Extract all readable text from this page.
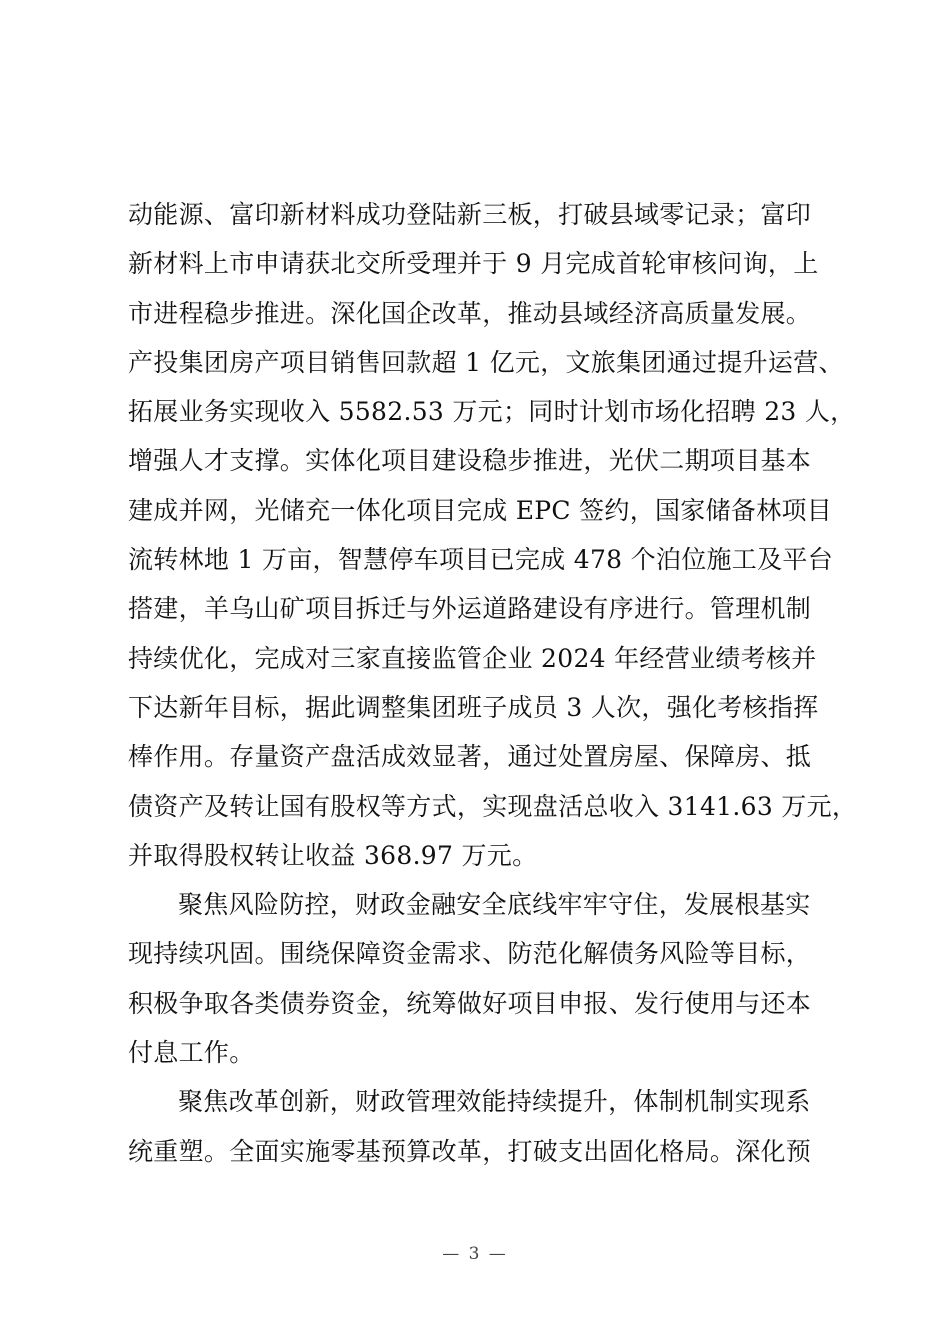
动能源、富印新材料成功登陆新三板，打破县域零记录；富印
新材料上市申请获北交所受理并于 9 月完成首轮审核问询，上
市进程稳步推进。深化国企改革，推动县域经济高质量发展。
产投集团房产项目销售回款超 1 亿元，文旅集团通过提升运营、
拓展业务实现收入 5582.53 万元；同时计划市场化招聘 23 人，
增强人才支撑。实体化项目建设稳步推进，光伏二期项目基本
建成并网，光储充一体化项目完成 EPC 签约，国家储备林项目
流转林地 1 万亩，智慧停车项目已完成 478 个泊位施工及平台
搭建，羊乌山矿项目拆迁与外运道路建设有序进行。管理机制
持续优化，完成对三家直接监管企业 2024 年经营业绩考核并
下达新年目标，据此调整集团班子成员 3 人次，强化考核指挥
棒作用。存量资产盘活成效显著，通过处置房屋、保障房、抵
债资产及转让国有股权等方式，实现盘活总收入 3141.63 万元，
并取得股权转让收益 368.97 万元。
聚焦风险防控，财政金融安全底线牢牢守住，发展根基实
现持续巩固。围绕保障资金需求、防范化解债务风险等目标，
积极争取各类债券资金，统筹做好项目申报、发行使用与还本
付息工作。
聚焦改革创新，财政管理效能持续提升，体制机制实现系
统重塑。全面实施零基预算改革，打破支出固化格局。深化预
— 3 —
